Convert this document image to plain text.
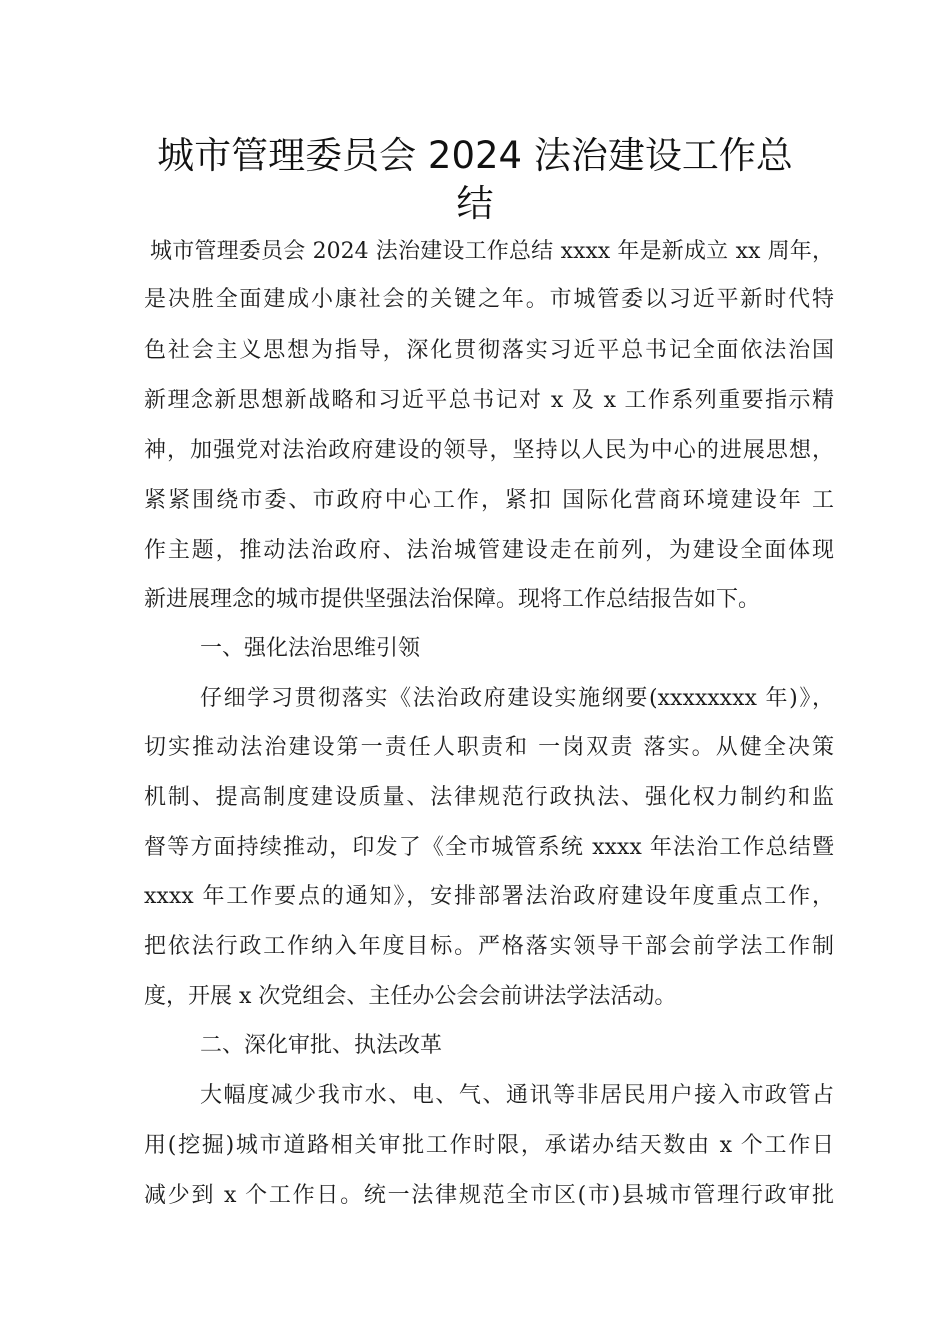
城市管理委员会 2024 法治建设工作总
结
城市管理委员会 2024 法治建设工作总结 xxxx 年是新成立 xx 周年，
是决胜全面建成小康社会的关键之年。市城管委以习近平新时代特
色社会主义思想为指导，深化贯彻落实习近平总书记全面依法治国
新理念新思想新战略和习近平总书记对 x 及 x 工作系列重要指示精
神，加强党对法治政府建设的领导，坚持以人民为中心的进展思想，
紧紧围绕市委、市政府中心工作，紧扣 国际化营商环境建设年 工
作主题，推动法治政府、法治城管建设走在前列，为建设全面体现
新进展理念的城市提供坚强法治保障。现将工作总结报告如下。
一、强化法治思维引领
仔细学习贯彻落实《法治政府建设实施纲要(xxxxxxxx 年)》，
切实推动法治建设第一责任人职责和 一岗双责 落实。从健全决策
机制、提高制度建设质量、法律规范行政执法、强化权力制约和监
督等方面持续推动，印发了《全市城管系统 xxxx 年法治工作总结暨
xxxx 年工作要点的通知》，安排部署法治政府建设年度重点工作，
把依法行政工作纳入年度目标。严格落实领导干部会前学法工作制
度，开展 x 次党组会、主任办公会会前讲法学法活动。
二、深化审批、执法改革
大幅度减少我市水、电、气、通讯等非居民用户接入市政管占
用(挖掘)城市道路相关审批工作时限，承诺办结天数由 x 个工作日
减少到 x 个工作日。统一法律规范全市区(市)县城市管理行政审批
